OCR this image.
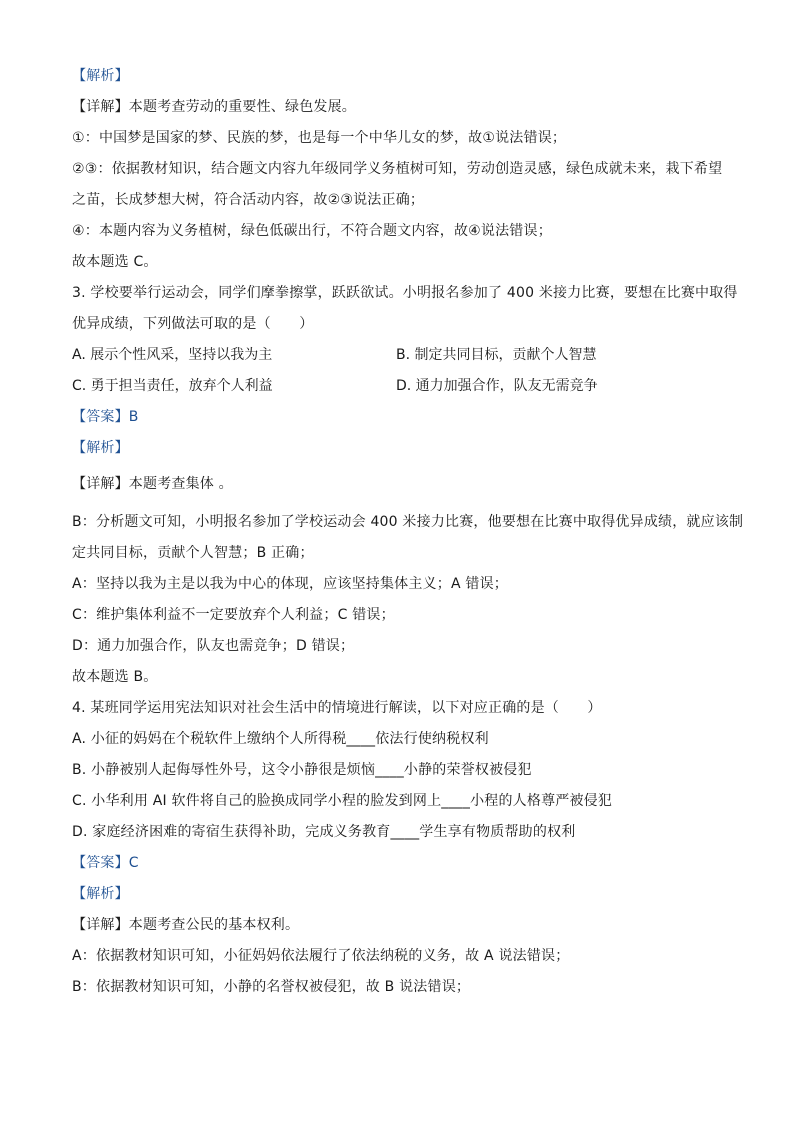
【解析】
【详解】本题考查劳动的重要性、绿色发展。
①：中国梦是国家的梦、民族的梦，也是每一个中华儿女的梦，故①说法错误；
②③：依据教材知识，结合题文内容九年级同学义务植树可知，劳动创造灵感，绿色成就未来，栽下希望
之苗，长成梦想大树，符合活动内容，故②③说法正确；
④：本题内容为义务植树，绿色低碳出行，不符合题文内容，故④说法错误；
故本题选 C。
3. 学校要举行运动会，同学们摩拳擦掌，跃跃欲试。小明报名参加了 400 米接力比赛，要想在比赛中取得
优异成绩，下列做法可取的是（　　）
A. 展示个性风采，坚持以我为主	B. 制定共同目标，贡献个人智慧
C. 勇于担当责任，放弃个人利益	D. 通力加强合作，队友无需竞争
【答案】B
【解析】
【详解】本题考查集体 。
B：分析题文可知，小明报名参加了学校运动会 400 米接力比赛，他要想在比赛中取得优异成绩，就应该制
定共同目标，贡献个人智慧；B 正确；
A：坚持以我为主是以我为中心的体现，应该坚持集体主义；A 错误；
C：维护集体利益不一定要放弃个人利益；C 错误；
D：通力加强合作，队友也需竞争；D 错误；
故本题选 B。
4. 某班同学运用宪法知识对社会生活中的情境进行解读，以下对应正确的是（　　）
A. 小征的妈妈在个税软件上缴纳个人所得税____依法行使纳税权利
B. 小静被别人起侮辱性外号，这令小静很是烦恼____小静的荣誉权被侵犯
C. 小华利用 AI 软件将自己的脸换成同学小程的脸发到网上____小程的人格尊严被侵犯
D. 家庭经济困难的寄宿生获得补助，完成义务教育____学生享有物质帮助的权利
【答案】C
【解析】
【详解】本题考查公民的基本权利。
A：依据教材知识可知，小征妈妈依法履行了依法纳税的义务，故 A 说法错误；
B：依据教材知识可知，小静的名誉权被侵犯，故 B 说法错误；
